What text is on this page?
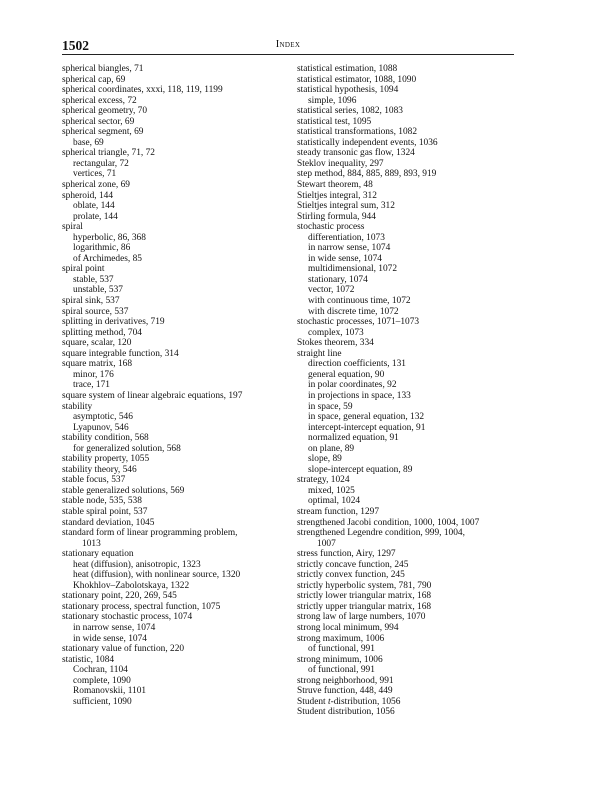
1502	Index
spherical biangles, 71
spherical cap, 69
spherical coordinates, xxxi, 118, 119, 1199
spherical excess, 72
spherical geometry, 70
spherical sector, 69
spherical segment, 69
base, 69
spherical triangle, 71, 72
rectangular, 72
vertices, 71
spherical zone, 69
spheroid, 144
oblate, 144
prolate, 144
spiral
hyperbolic, 86, 368
logarithmic, 86
of Archimedes, 85
spiral point
stable, 537
unstable, 537
spiral sink, 537
spiral source, 537
splitting in derivatives, 719
splitting method, 704
square, scalar, 120
square integrable function, 314
square matrix, 168
minor, 176
trace, 171
square system of linear algebraic equations, 197
stability
asymptotic, 546
Lyapunov, 546
stability condition, 568
for generalized solution, 568
stability property, 1055
stability theory, 546
stable focus, 537
stable generalized solutions, 569
stable node, 535, 538
stable spiral point, 537
standard deviation, 1045
standard form of linear programming problem,
1013
stationary equation
heat (diffusion), anisotropic, 1323
heat (diffusion), with nonlinear source, 1320
Khokhlov–Zabolotskaya, 1322
stationary point, 220, 269, 545
stationary process, spectral function, 1075
stationary stochastic process, 1074
in narrow sense, 1074
in wide sense, 1074
stationary value of function, 220
statistic, 1084
Cochran, 1104
complete, 1090
Romanovskii, 1101
sufficient, 1090
statistical estimation, 1088
statistical estimator, 1088, 1090
statistical hypothesis, 1094
simple, 1096
statistical series, 1082, 1083
statistical test, 1095
statistical transformations, 1082
statistically independent events, 1036
steady transonic gas flow, 1324
Steklov inequality, 297
step method, 884, 885, 889, 893, 919
Stewart theorem, 48
Stieltjes integral, 312
Stieltjes integral sum, 312
Stirling formula, 944
stochastic process
differentiation, 1073
in narrow sense, 1074
in wide sense, 1074
multidimensional, 1072
stationary, 1074
vector, 1072
with continuous time, 1072
with discrete time, 1072
stochastic processes, 1071–1073
complex, 1073
Stokes theorem, 334
straight line
direction coefficients, 131
general equation, 90
in polar coordinates, 92
in projections in space, 133
in space, 59
in space, general equation, 132
intercept-intercept equation, 91
normalized equation, 91
on plane, 89
slope, 89
slope-intercept equation, 89
strategy, 1024
mixed, 1025
optimal, 1024
stream function, 1297
strengthened Jacobi condition, 1000, 1004, 1007
strengthened Legendre condition, 999, 1004,
1007
stress function, Airy, 1297
strictly concave function, 245
strictly convex function, 245
strictly hyperbolic system, 781, 790
strictly lower triangular matrix, 168
strictly upper triangular matrix, 168
strong law of large numbers, 1070
strong local minimum, 994
strong maximum, 1006
of functional, 991
strong minimum, 1006
of functional, 991
strong neighborhood, 991
Struve function, 448, 449
Student t-distribution, 1056
Student distribution, 1056
